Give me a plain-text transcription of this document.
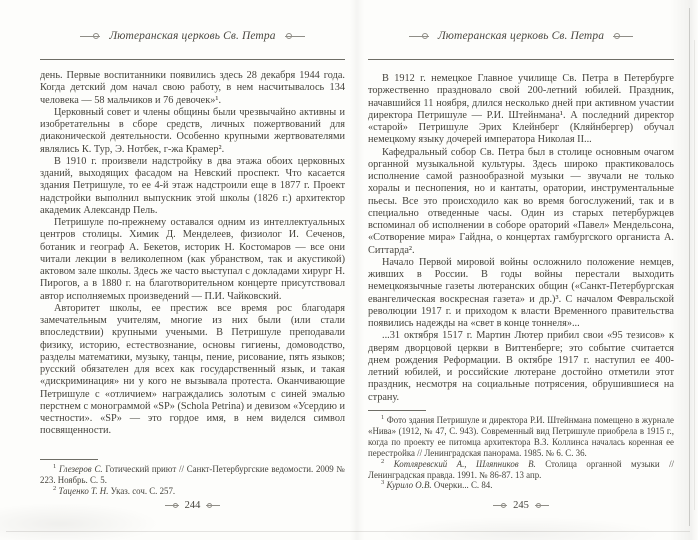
Лютеранская церковь Св. Петра

день. Первые воспитанники появились здесь 28 декабря 1944 года. Когда детский дом начал свою работу, в нем насчитывалось 134 человека — 58 мальчиков и 76 девочек»¹.

Церковный совет и члены общины были чрезвычайно активны и изобретательны в сборе средств, личных пожертвований для диаконической деятельности. Особенно крупными жертвователями являлись К. Тур, Э. Нотбек, г-жа Крамер².

В 1910 г. произвели надстройку в два этажа обоих церковных зданий, выходящих фасадом на Невский проспект. Что касается здания Петришуле, то ее 4-й этаж надстроили еще в 1877 г. Проект надстройки выполнил выпускник этой школы (1826 г.) архитектор академик Александр Пель.

Петришуле по-прежнему оставался одним из интеллектуальных центров столицы. Химик Д. Менделеев, физиолог И. Сеченов, ботаник и географ А. Бекетов, историк Н. Костомаров — все они читали лекции в великолепном (как убранством, так и акустикой) актовом зале школы. Здесь же часто выступал с докладами хирург Н. Пирогов, а в 1880 г. на благотворительном концерте присутствовал автор исполняемых произведений — П.И. Чайковский.

Авторитет школы, ее престиж все время рос благодаря замечательным учителям, многие из них были (или стали впоследствии) крупными учеными. В Петришуле преподавали физику, историю, естествознание, основы гигиены, домоводство, разделы математики, музыку, танцы, пение, рисование, пять языков; русский обязателен для всех как государственный язык, и такая «дискриминация» ни у кого не вызывала протеста. Оканчивающие Петришуле с «отличием» награждались золотым с синей эмалью перстнем с монограммой «SP» (Schola Petrina) и девизом «Усердию и честности». «SP» — это гордое имя, в нем виделся символ посвященности.

$^1$ Глезеров С. Готический приют // Санкт-Петербургские ведомости. 2009 № 223. Ноябрь. С. 5.

$^2$ Таценко Т. Н. Указ. соч. С. 257.

244
Лютеранская церковь Св. Петра

В 1912 г. немецкое Главное училище Св. Петра в Петербурге торжественно праздновало свой 200-летний юбилей. Праздник, начавшийся 11 ноября, длился несколько дней при активном участии директора Петришуле — Р.И. Штейнмана¹. А последний директор «старой» Петришуле Эрих Клейнберг (Кляйнбергер) обучал немецкому языку дочерей императора Николая II...

Кафедральный собор Св. Петра был в столице основным очагом органной музыкальной культуры. Здесь широко практиковалось исполнение самой разнообразной музыки — звучали не только хоралы и песнопения, но и кантаты, оратории, инструментальные пьесы. Все это происходило как во время богослужений, так и в специально отведенные часы. Один из старых петербуржцев вспоминал об исполнении в соборе ораторий «Павел» Мендельсона, «Сотворение мира» Гайдна, о концертах гамбургского органиста А. Ситтарда².

Начало Первой мировой войны осложнило положение немцев, живших в России. В годы войны перестали выходить немецкоязычные газеты лютеранских общин («Санкт-Петербургская евангелическая воскресная газета» и др.)³. С началом Февральской революции 1917 г. и приходом к власти Временного правительства появились надежды на «свет в конце тоннеля»...

...31 октября 1517 г. Мартин Лютер прибил свои «95 тезисов» к дверям дворцовой церкви в Виттенберге; это событие считается днем рождения Реформации. В октябре 1917 г. наступил ее 400-летний юбилей, и российские лютеране достойно отметили этот праздник, несмотря на социальные потрясения, обрушившиеся на страну.

$^1$ Фото здания Петришуле и директора Р.И. Штейнмана помещено в журнале «Нива» (1912, № 47, С. 943). Современный вид Петришуле приобрела в 1915 г., когда по проекту ее питомца архитектора В.З. Коллинса началась коренная ее перестройка // Ленинградская панорама. 1985. № 6. С. 36.

$^2$ Котляревский А., Шляпников В. Столица органной музыки // Ленинградская правда. 1991. № 86-87. 13 апр.

$^3$ Курило О.В. Очерки... С. 84.

245
